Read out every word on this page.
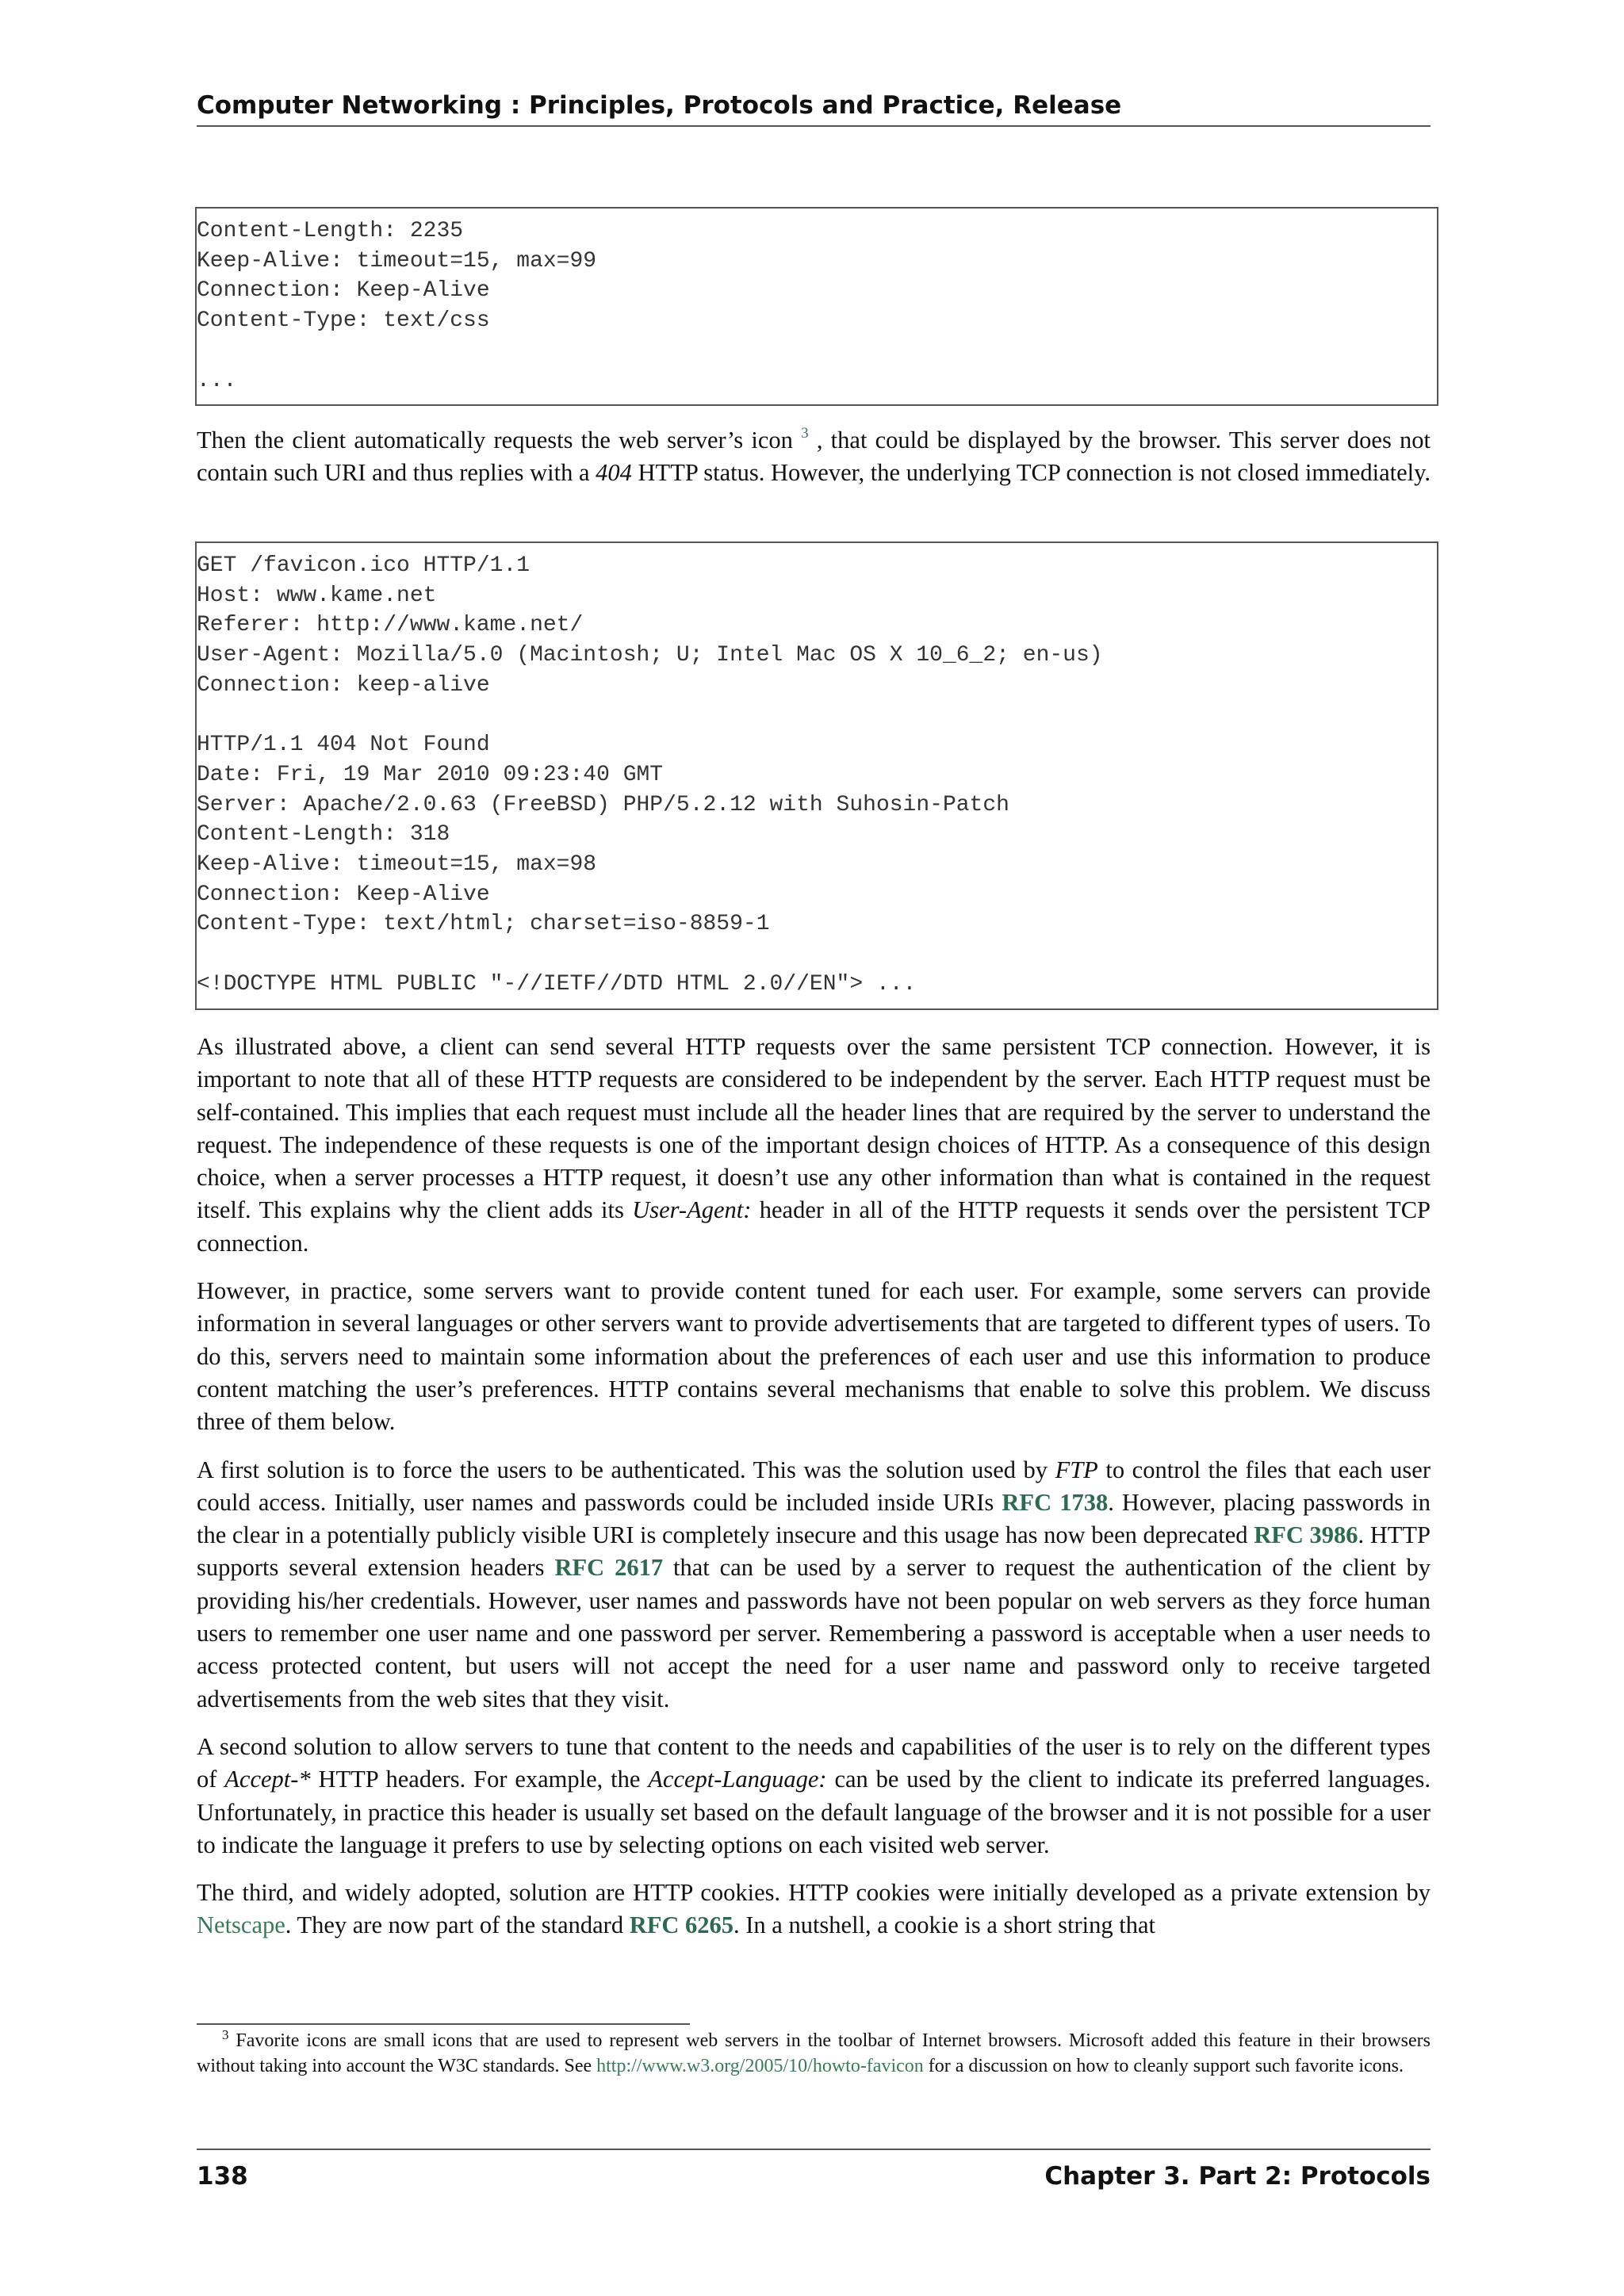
Computer Networking : Principles, Protocols and Practice, Release
Content-Length: 2235
Keep-Alive: timeout=15, max=99
Connection: Keep-Alive
Content-Type: text/css

...

Then the client automatically requests the web server’s icon $^3$ , that could be displayed by the browser. This server does not contain such URI and thus replies with a 404 HTTP status. However, the underlying TCP connection is not closed immediately.

GET /favicon.ico HTTP/1.1
Host: www.kame.net
Referer: http://www.kame.net/
User-Agent: Mozilla/5.0 (Macintosh; U; Intel Mac OS X 10_6_2; en-us)
Connection: keep-alive

HTTP/1.1 404 Not Found
Date: Fri, 19 Mar 2010 09:23:40 GMT
Server: Apache/2.0.63 (FreeBSD) PHP/5.2.12 with Suhosin-Patch
Content-Length: 318
Keep-Alive: timeout=15, max=98
Connection: Keep-Alive
Content-Type: text/html; charset=iso-8859-1

<!DOCTYPE HTML PUBLIC "-//IETF//DTD HTML 2.0//EN"> ...

As illustrated above, a client can send several HTTP requests over the same persistent TCP connection. However, it is important to note that all of these HTTP requests are considered to be independent by the server. Each HTTP request must be self-contained. This implies that each request must include all the header lines that are required by the server to understand the request. The independence of these requests is one of the important design choices of HTTP. As a consequence of this design choice, when a server processes a HTTP request, it doesn’t use any other information than what is contained in the request itself. This explains why the client adds its User-Agent: header in all of the HTTP requests it sends over the persistent TCP connection.

However, in practice, some servers want to provide content tuned for each user. For example, some servers can provide information in several languages or other servers want to provide advertisements that are targeted to different types of users. To do this, servers need to maintain some information about the preferences of each user and use this information to produce content matching the user’s preferences. HTTP contains several mechanisms that enable to solve this problem. We discuss three of them below.

A first solution is to force the users to be authenticated. This was the solution used by FTP to control the files that each user could access. Initially, user names and passwords could be included inside URIs RFC 1738. However, placing passwords in the clear in a potentially publicly visible URI is completely insecure and this usage has now been deprecated RFC 3986. HTTP supports several extension headers RFC 2617 that can be used by a server to request the authentication of the client by providing his/her credentials. However, user names and passwords have not been popular on web servers as they force human users to remember one user name and one password per server. Remembering a password is acceptable when a user needs to access protected content, but users will not accept the need for a user name and password only to receive targeted advertisements from the web sites that they visit.

A second solution to allow servers to tune that content to the needs and capabilities of the user is to rely on the different types of Accept-* HTTP headers. For example, the Accept-Language: can be used by the client to indicate its preferred languages. Unfortunately, in practice this header is usually set based on the default language of the browser and it is not possible for a user to indicate the language it prefers to use by selecting options on each visited web server.

The third, and widely adopted, solution are HTTP cookies. HTTP cookies were initially developed as a private extension by Netscape. They are now part of the standard RFC 6265. In a nutshell, a cookie is a short string that

$^3$ Favorite icons are small icons that are used to represent web servers in the toolbar of Internet browsers. Microsoft added this feature in their browsers without taking into account the W3C standards. See http://www.w3.org/2005/10/howto-favicon for a discussion on how to cleanly support such favorite icons.
138	Chapter 3. Part 2: Protocols
